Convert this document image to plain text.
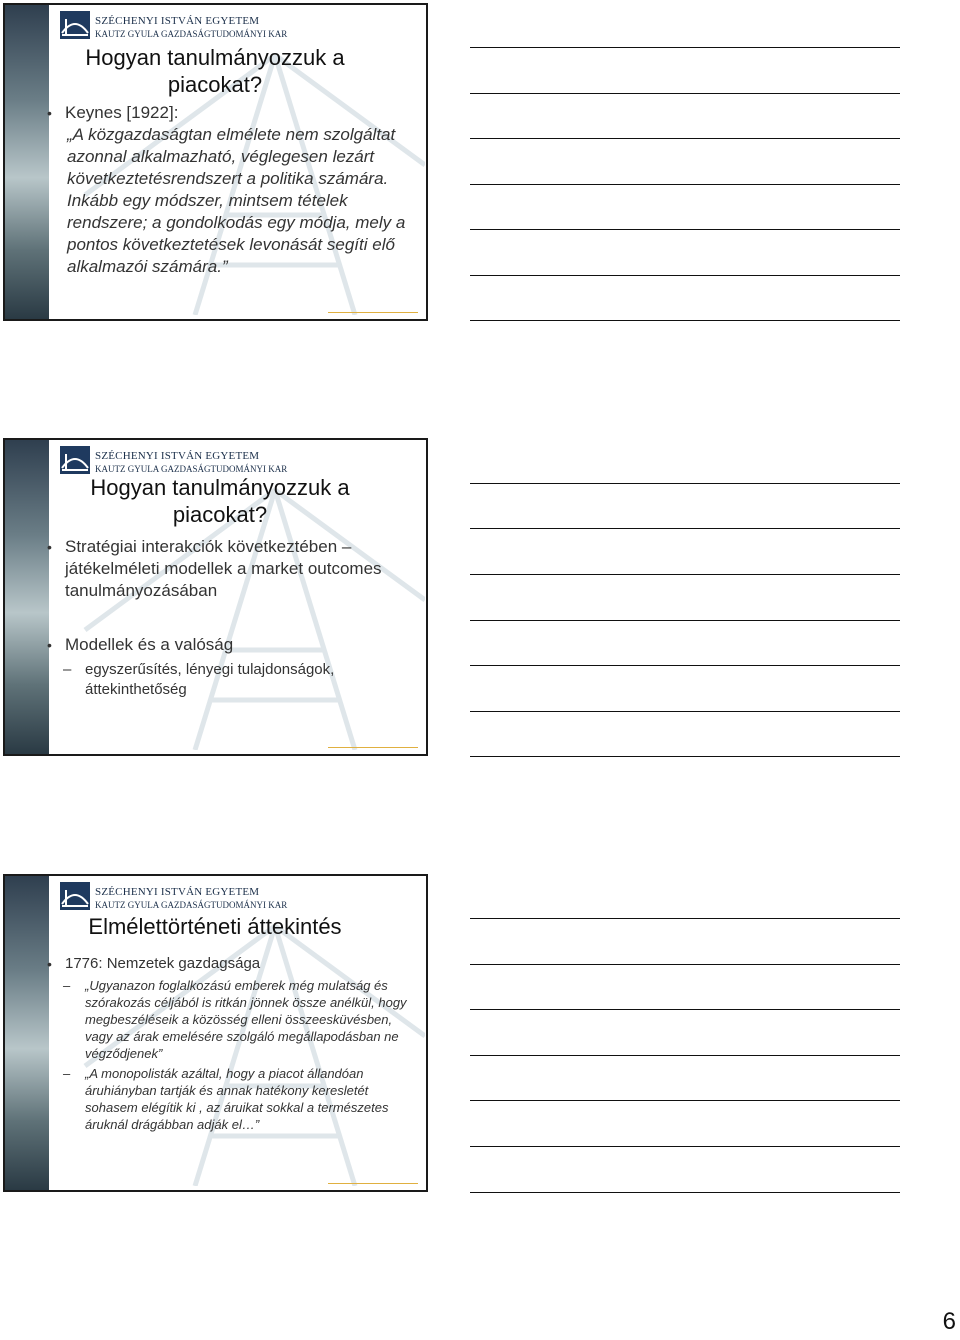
SZÉCHENYI ISTVÁN EGYETEM
KAUTZ GYULA GAZDASÁGTUDOMÁNYI KAR
Hogyan tanulmányozzuk a piacokat?
• Keynes [1922]:
„A közgazdaságtan elmélete nem szolgáltat azonnal alkalmazható, véglegesen lezárt következtetésrendszert a politika számára. Inkább egy módszer, mintsem tételek rendszere; a gondolkodás egy módja, mely a pontos következtetések levonását segíti elő alkalmazói számára.”
SZÉCHENYI ISTVÁN EGYETEM
KAUTZ GYULA GAZDASÁGTUDOMÁNYI KAR
Hogyan tanulmányozzuk a piacokat?
• Stratégiai interakciók következtében – játékelméleti modellek a market outcomes tanulmányozásában
• Modellek és a valóság
– egyszerűsítés, lényegi tulajdonságok, áttekinthetőség
SZÉCHENYI ISTVÁN EGYETEM
KAUTZ GYULA GAZDASÁGTUDOMÁNYI KAR
Elmélettörténeti áttekintés
• 1776: Nemzetek gazdagsága
– „Ugyanazon foglalkozású emberek még mulatság és szórakozás céljából is ritkán jönnek össze anélkül, hogy megbeszéléseik a közösség elleni összeesküvésben, vagy az árak emelésére szolgáló megállapodásban ne végződjenek”
– „A monopolisták azáltal, hogy a piacot állandóan áruhiányban tartják és annak hatékony keresletét sohasem elégítik ki , az áruikat sokkal a természetes áruknál drágábban adják el…”
6
